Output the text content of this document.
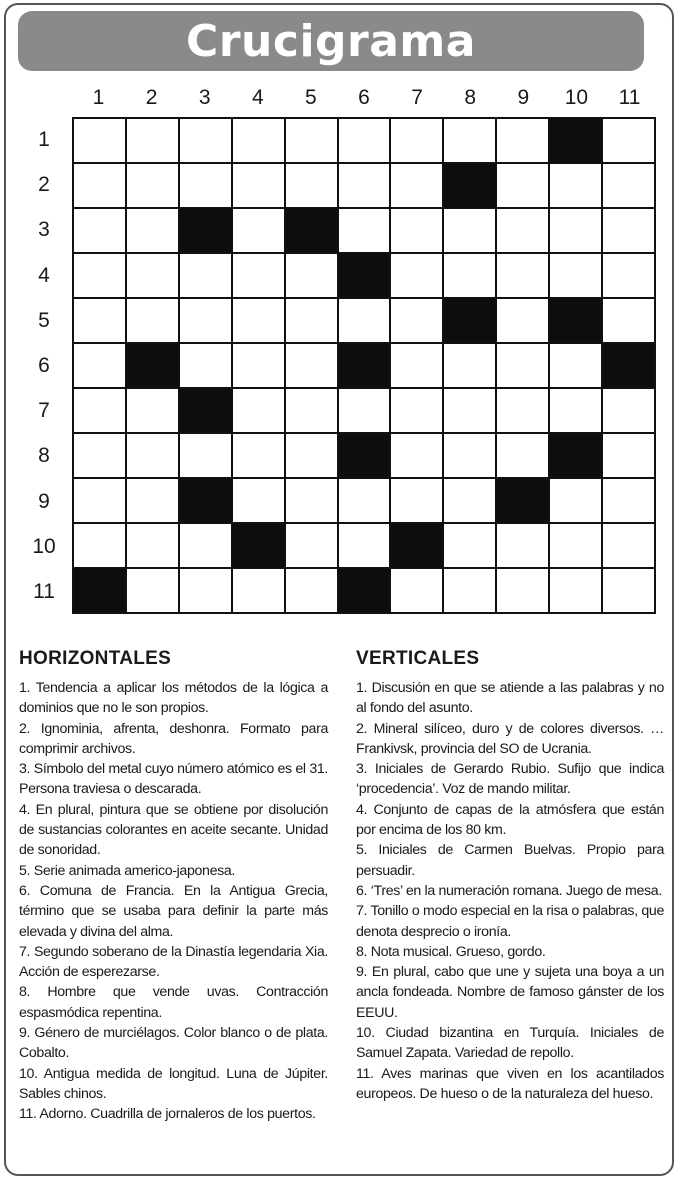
Crucigrama
1	2	3	4	5	6	7	8	9	10	11
1
2
3
4
5
6
7
8
9
10
11
HORIZONTALES

1. Tendencia a aplicar los métodos de la lógica a dominios que no le son propios.

2. Ignominia, afrenta, deshonra. Formato para comprimir archivos.

3. Símbolo del metal cuyo número atómico es el 31. Persona traviesa o descarada.

4. En plural, pintura que se obtiene por disolución de sustancias colorantes en aceite secante. Unidad de sonoridad.

5. Serie animada americo-japonesa.

6. Comuna de Francia. En la Antigua Grecia, término que se usaba para definir la parte más elevada y divina del alma.

7. Segundo soberano de la Dinastía legendaria Xia. Acción de esperezarse.

8. Hombre que vende uvas. Contracción espasmódica repentina.

9. Género de murciélagos. Color blanco o de plata. Cobalto.

10. Antigua medida de longitud. Luna de Júpiter. Sables chinos.

11. Adorno. Cuadrilla de jornaleros de los puertos.

VERTICALES

1. Discusión en que se atiende a las palabras y no al fondo del asunto.

2. Mineral silíceo, duro y de colores diversos. … Frankivsk, provincia del SO de Ucrania.

3. Iniciales de Gerardo Rubio. Sufijo que indica ‘procedencia’. Voz de mando militar.

4. Conjunto de capas de la atmósfera que están por encima de los 80 km.

5. Iniciales de Carmen Buelvas. Propio para persuadir.

6. ‘Tres’ en la numeración romana. Juego de mesa.

7. Tonillo o modo especial en la risa o palabras, que denota desprecio o ironía.

8. Nota musical. Grueso, gordo.

9. En plural, cabo que une y sujeta una boya a un ancla fondeada. Nombre de famoso gánster de los EEUU.

10. Ciudad bizantina en Turquía. Iniciales de Samuel Zapata. Variedad de repollo.

11. Aves marinas que viven en los acantilados europeos. De hueso o de la naturaleza del hueso.
